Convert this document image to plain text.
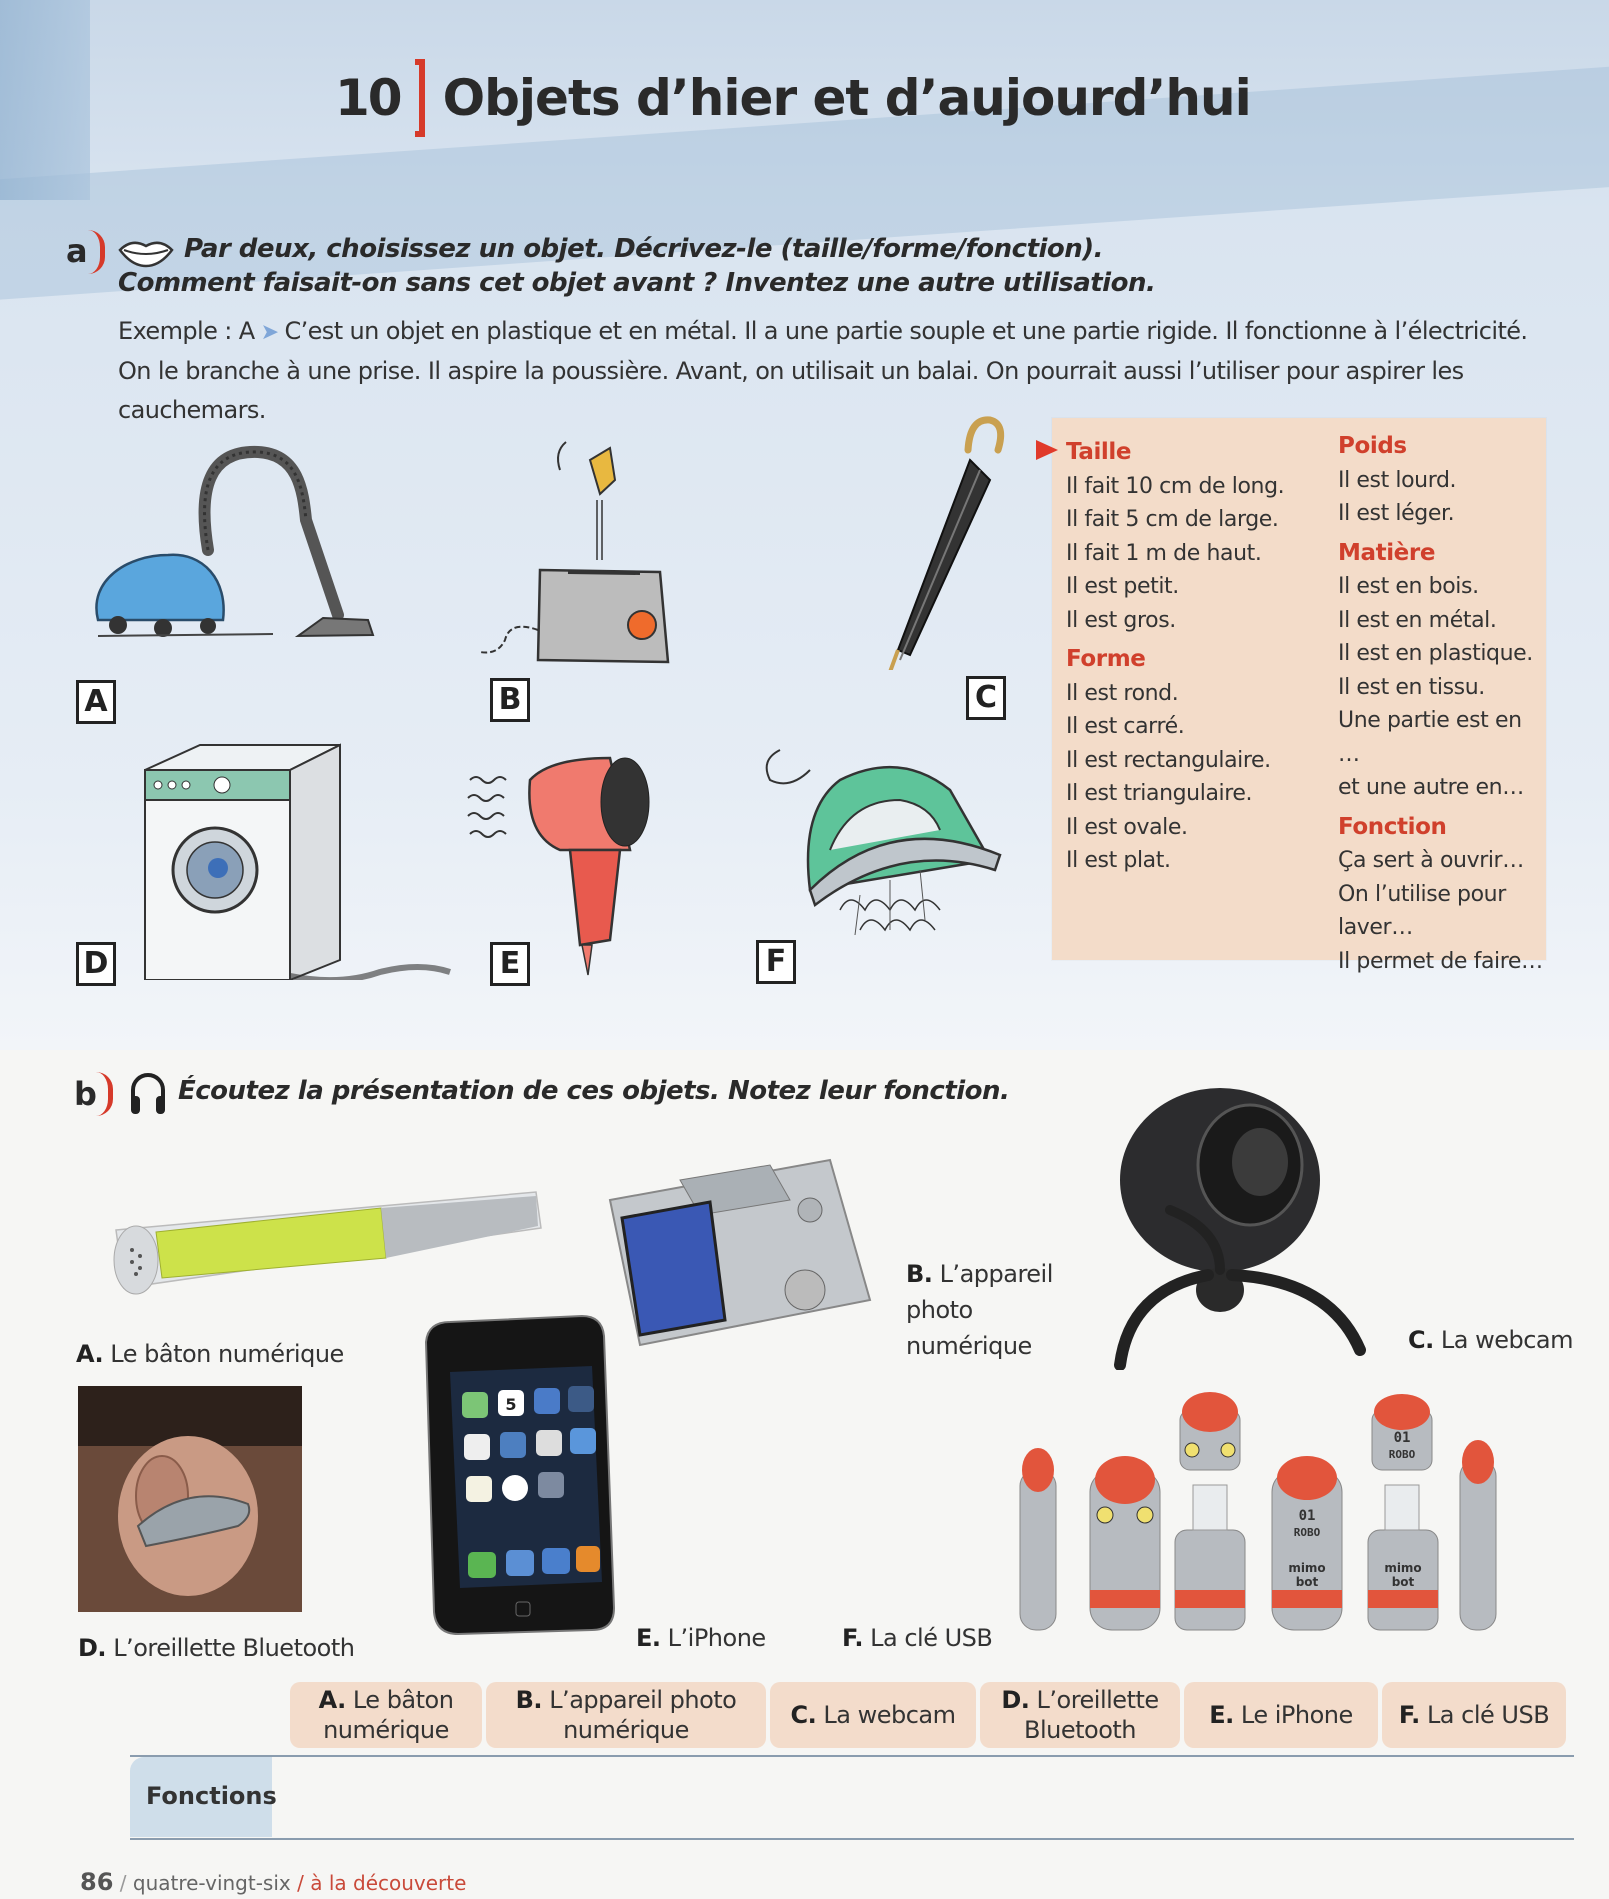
10 Objets d’hier et d’aujourd’hui
a	Par deux, choisissez un objet. Décrivez-le (taille/forme/fonction).
Comment faisait-on sans cet objet avant ? Inventez une autre utilisation.
Exemple : A ➤ C’est un objet en plastique et en métal. Il a une partie souple et une partie rigide. Il fonctionne à l’électricité. On le branche à une prise. Il aspire la poussière. Avant, on utilisait un balai. On pourrait aussi l’utiliser pour aspirer les cauchemars.
A	B	C
D	E	F
Taille
Il fait 10 cm de long.
Il fait 5 cm de large.
Il fait 1 m de haut.
Il est petit.
Il est gros.
Forme
Il est rond.
Il est carré.
Il est rectangulaire.
Il est triangulaire.
Il est ovale.
Il est plat.
Poids
Il est lourd.
Il est léger.
Matière
Il est en bois.
Il est en métal.
Il est en plastique.
Il est en tissu.
Une partie est en …
et une autre en…
Fonction
Ça sert à ouvrir…
On l’utilise pour
laver…
Il permet de faire…
b	Écoutez la présentation de ces objets. Notez leur fonction.
A. Le bâton numérique
B. L’appareil
photo
numérique	C. La webcam
D. L’oreillette Bluetooth
5
E. L’iPhone	F. La clé USB
01
ROBO
mimo
bot
01
ROBO
mimo
bot
A. Le bâton
numérique
B. L’appareil photo
numérique
C. La webcam
D. L’oreillette
Bluetooth
E. Le iPhone F. La clé USB
Fonctions
86 / quatre-vingt-six / à la découverte
